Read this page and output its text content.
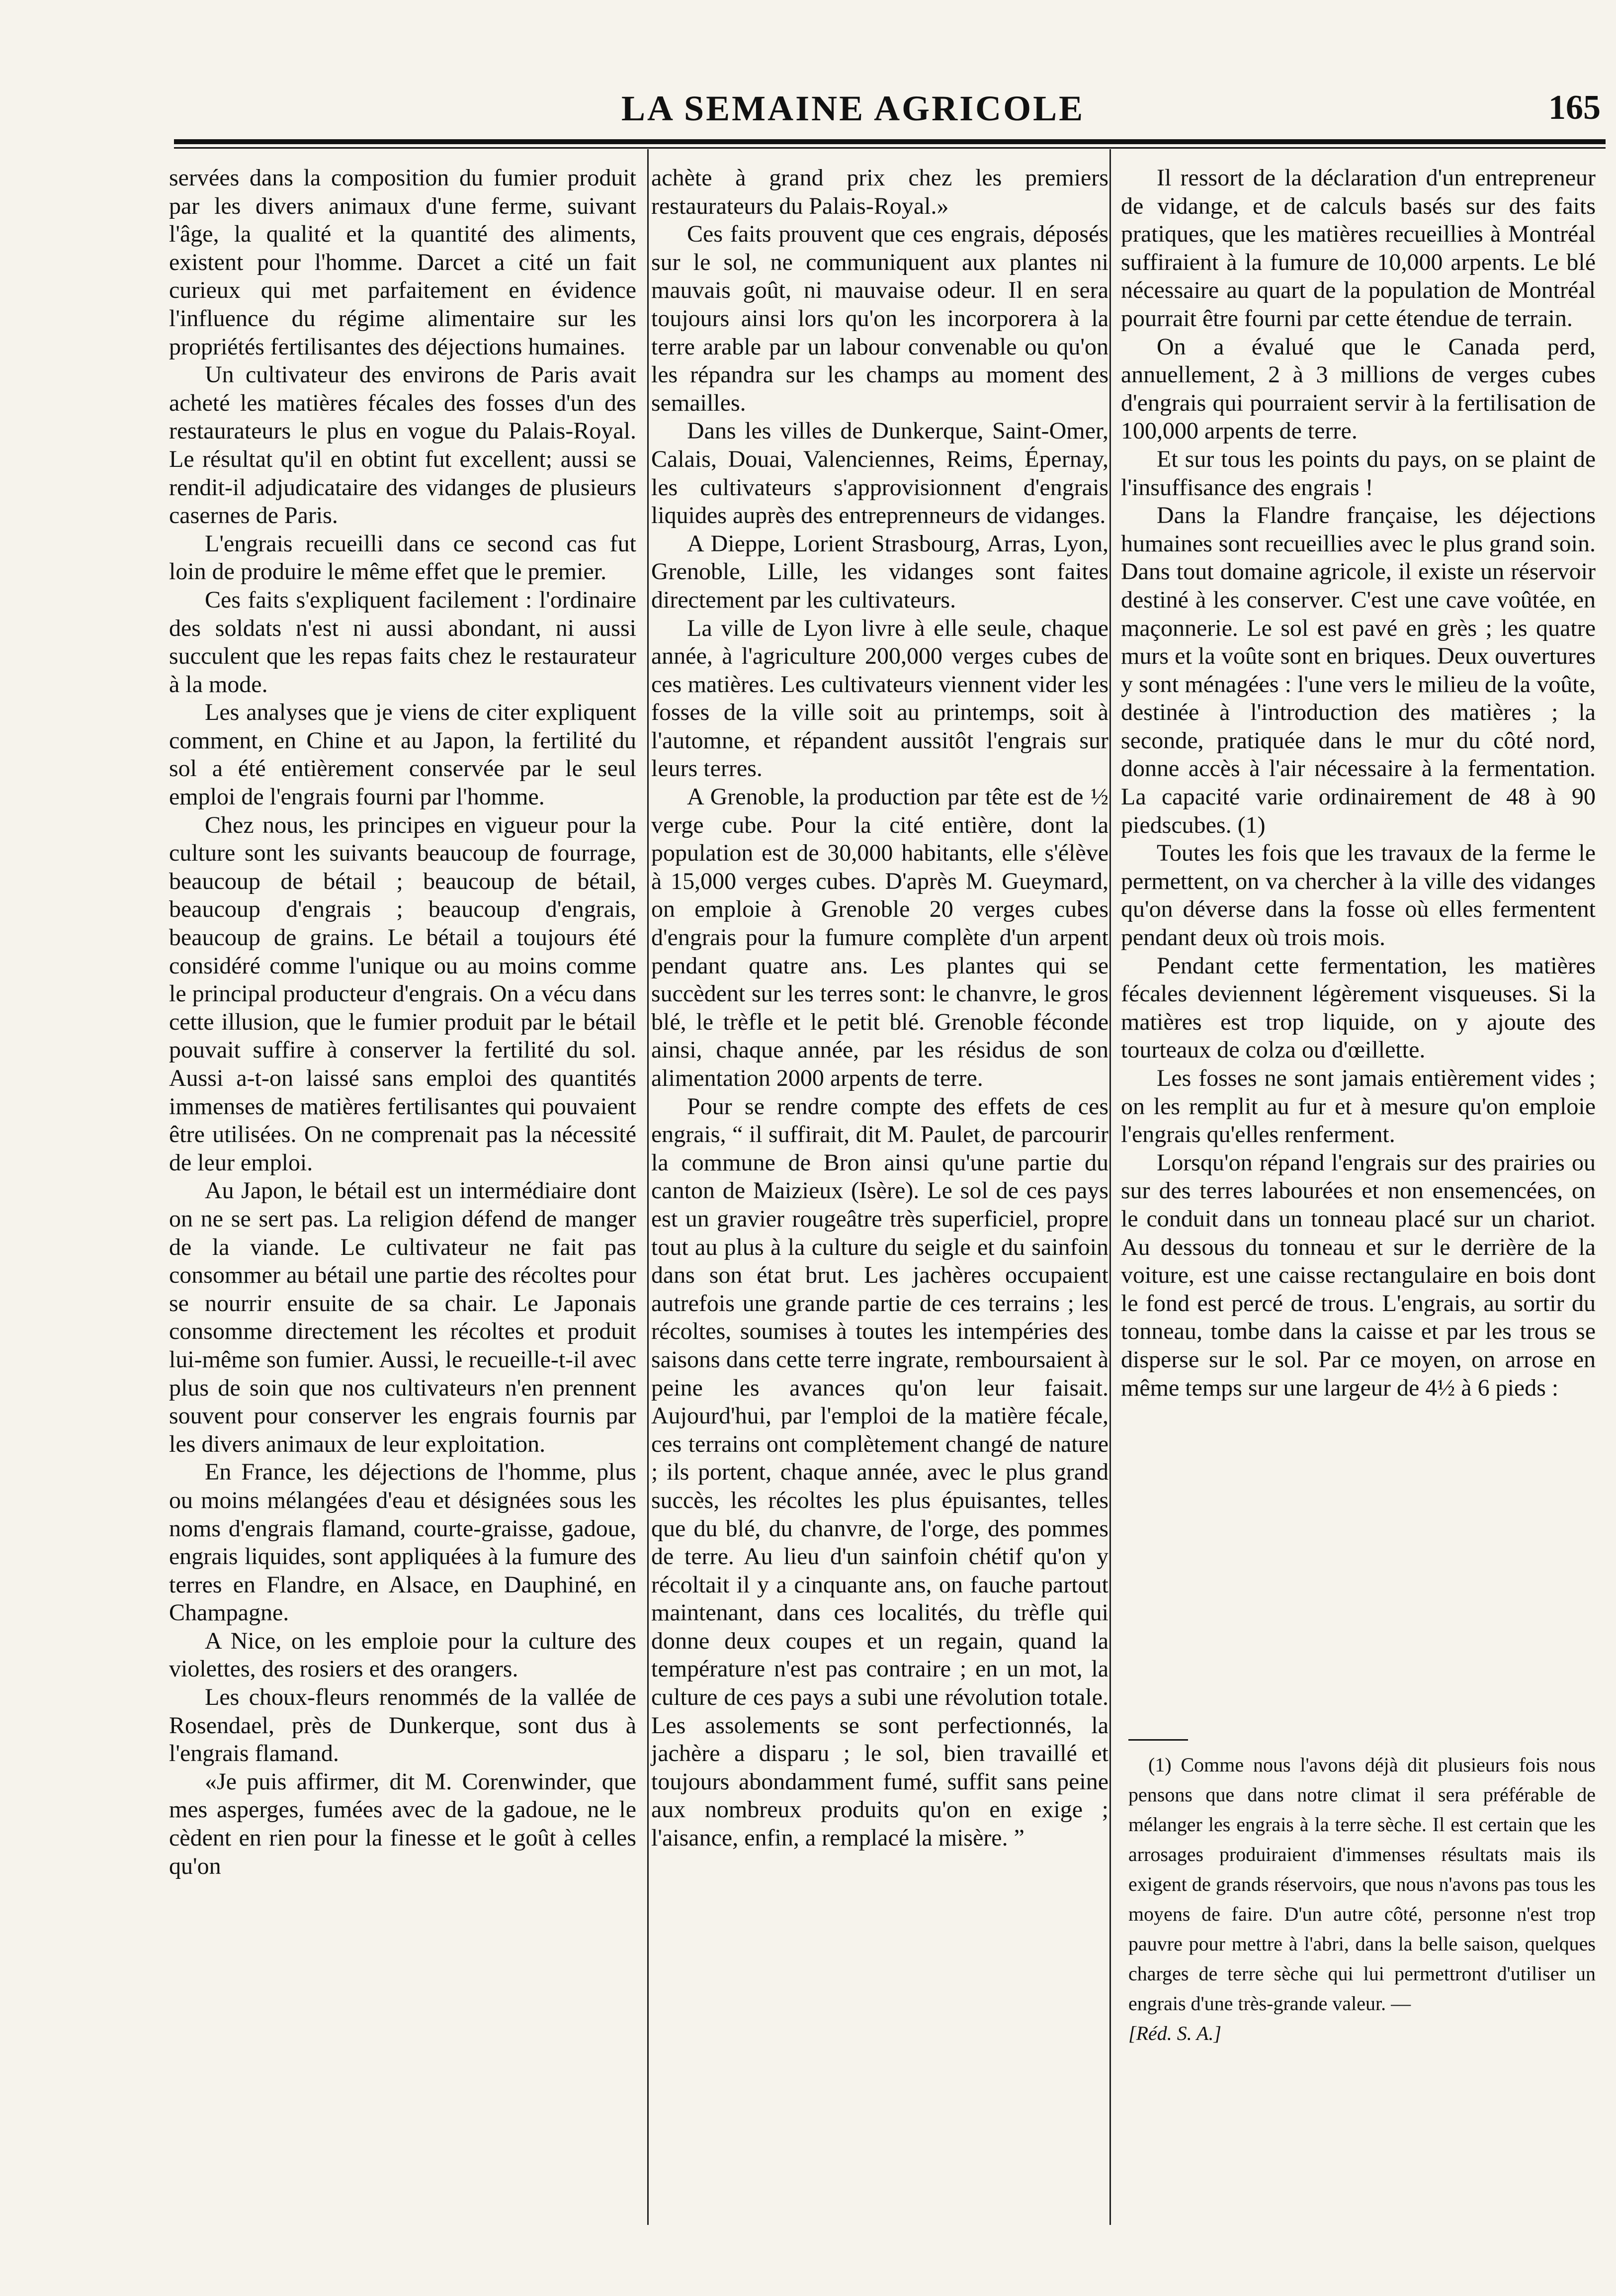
LA SEMAINE AGRICOLE	165

servées dans la composition du fumier produit par les divers animaux d'une ferme, suivant l'âge, la qualité et la quantité des aliments, existent pour l'homme. Darcet a cité un fait curieux qui met parfaitement en évidence l'influence du régime alimentaire sur les propriétés fertilisantes des déjections humaines.

Un cultivateur des environs de Paris avait acheté les matières fécales des fosses d'un des restaurateurs le plus en vogue du Palais-Royal. Le résultat qu'il en obtint fut excellent; aussi se rendit-il adjudicataire des vidanges de plusieurs casernes de Paris.

L'engrais recueilli dans ce second cas fut loin de produire le même effet que le premier.

Ces faits s'expliquent facilement : l'ordinaire des soldats n'est ni aussi abondant, ni aussi succulent que les repas faits chez le restaurateur à la mode.

Les analyses que je viens de citer expliquent comment, en Chine et au Japon, la fertilité du sol a été entièrement conservée par le seul emploi de l'engrais fourni par l'homme.

Chez nous, les principes en vigueur pour la culture sont les suivants beaucoup de fourrage, beaucoup de bétail ; beaucoup de bétail, beaucoup d'engrais ; beaucoup d'engrais, beaucoup de grains. Le bétail a toujours été considéré comme l'unique ou au moins comme le principal producteur d'engrais. On a vécu dans cette illusion, que le fumier produit par le bétail pouvait suffire à conserver la fertilité du sol. Aussi a-t-on laissé sans emploi des quantités immenses de matières fertilisantes qui pouvaient être utilisées. On ne comprenait pas la nécessité de leur emploi.

Au Japon, le bétail est un intermédiaire dont on ne se sert pas. La religion défend de manger de la viande. Le cultivateur ne fait pas consommer au bétail une partie des récoltes pour se nourrir ensuite de sa chair. Le Japonais consomme directement les récoltes et produit lui-même son fumier. Aussi, le recueille-t-il avec plus de soin que nos cultivateurs n'en prennent souvent pour conserver les engrais fournis par les divers animaux de leur exploitation.

En France, les déjections de l'homme, plus ou moins mélangées d'eau et désignées sous les noms d'engrais flamand, courte-graisse, gadoue, engrais liquides, sont appliquées à la fumure des terres en Flandre, en Alsace, en Dauphiné, en Champagne.

A Nice, on les emploie pour la culture des violettes, des rosiers et des orangers.

Les choux-fleurs renommés de la vallée de Rosendael, près de Dunkerque, sont dus à l'engrais flamand.

«Je puis affirmer, dit M. Corenwinder, que mes asperges, fumées avec de la gadoue, ne le cèdent en rien pour la finesse et le goût à celles qu'on

achète à grand prix chez les premiers restaurateurs du Palais-Royal.»

Ces faits prouvent que ces engrais, déposés sur le sol, ne communiquent aux plantes ni mauvais goût, ni mauvaise odeur. Il en sera toujours ainsi lors qu'on les incorporera à la terre arable par un labour convenable ou qu'on les répandra sur les champs au moment des semailles.

Dans les villes de Dunkerque, Saint-Omer, Calais, Douai, Valenciennes, Reims, Épernay, les cultivateurs s'approvisionnent d'engrais liquides auprès des entreprenneurs de vidanges.

A Dieppe, Lorient Strasbourg, Arras, Lyon, Grenoble, Lille, les vidanges sont faites directement par les cultivateurs.

La ville de Lyon livre à elle seule, chaque année, à l'agriculture 200,000 verges cubes de ces matières. Les cultivateurs viennent vider les fosses de la ville soit au printemps, soit à l'automne, et répandent aussitôt l'engrais sur leurs terres.

A Grenoble, la production par tête est de ½ verge cube. Pour la cité entière, dont la population est de 30,000 habitants, elle s'élève à 15,000 verges cubes. D'après M. Gueymard, on emploie à Grenoble 20 verges cubes d'engrais pour la fumure complète d'un arpent pendant quatre ans. Les plantes qui se succèdent sur les terres sont: le chanvre, le gros blé, le trèfle et le petit blé. Grenoble féconde ainsi, chaque année, par les résidus de son alimentation 2000 arpents de terre.

Pour se rendre compte des effets de ces engrais, “ il suffirait, dit M. Paulet, de parcourir la commune de Bron ainsi qu'une partie du canton de Maizieux (Isère). Le sol de ces pays est un gravier rougeâtre très superficiel, propre tout au plus à la culture du seigle et du sainfoin dans son état brut. Les jachères occupaient autrefois une grande partie de ces terrains ; les récoltes, soumises à toutes les intempéries des saisons dans cette terre ingrate, remboursaient à peine les avances qu'on leur faisait. Aujourd'hui, par l'emploi de la matière fécale, ces terrains ont complètement changé de nature ; ils portent, chaque année, avec le plus grand succès, les récoltes les plus épuisantes, telles que du blé, du chanvre, de l'orge, des pommes de terre. Au lieu d'un sainfoin chétif qu'on y récoltait il y a cinquante ans, on fauche partout maintenant, dans ces localités, du trèfle qui donne deux coupes et un regain, quand la température n'est pas contraire ; en un mot, la culture de ces pays a subi une révolution totale. Les assolements se sont perfectionnés, la jachère a disparu ; le sol, bien travaillé et toujours abondamment fumé, suffit sans peine aux nombreux produits qu'on en exige ; l'aisance, enfin, a remplacé la misère. ”

Il ressort de la déclaration d'un entrepreneur de vidange, et de calculs basés sur des faits pratiques, que les matières recueillies à Montréal suffiraient à la fumure de 10,000 arpents. Le blé nécessaire au quart de la population de Montréal pourrait être fourni par cette étendue de terrain.

On a évalué que le Canada perd, annuellement, 2 à 3 millions de verges cubes d'engrais qui pourraient servir à la fertilisation de 100,000 arpents de terre.

Et sur tous les points du pays, on se plaint de l'insuffisance des engrais !

Dans la Flandre française, les déjections humaines sont recueillies avec le plus grand soin. Dans tout domaine agricole, il existe un réservoir destiné à les conserver. C'est une cave voûtée, en maçonnerie. Le sol est pavé en grès ; les quatre murs et la voûte sont en briques. Deux ouvertures y sont ménagées : l'une vers le milieu de la voûte, destinée à l'introduction des matières ; la seconde, pratiquée dans le mur du côté nord, donne accès à l'air nécessaire à la fermentation. La capacité varie ordinairement de 48 à 90 piedscubes. (1)

Toutes les fois que les travaux de la ferme le permettent, on va chercher à la ville des vidanges qu'on déverse dans la fosse où elles fermentent pendant deux où trois mois.

Pendant cette fermentation, les matières fécales deviennent légèrement visqueuses. Si la matières est trop liquide, on y ajoute des tourteaux de colza ou d'œillette.

Les fosses ne sont jamais entièrement vides ; on les remplit au fur et à mesure qu'on emploie l'engrais qu'elles renferment.

Lorsqu'on répand l'engrais sur des prairies ou sur des terres labourées et non ensemencées, on le conduit dans un tonneau placé sur un chariot. Au dessous du tonneau et sur le derrière de la voiture, est une caisse rectangulaire en bois dont le fond est percé de trous. L'engrais, au sortir du tonneau, tombe dans la caisse et par les trous se disperse sur le sol. Par ce moyen, on arrose en même temps sur une largeur de 4½ à 6 pieds :

(1) Comme nous l'avons déjà dit plusieurs fois nous pensons que dans notre climat il sera préférable de mélanger les engrais à la terre sèche. Il est certain que les arrosages produiraient d'immenses résultats mais ils exigent de grands réservoirs, que nous n'avons pas tous les moyens de faire. D'un autre côté, personne n'est trop pauvre pour mettre à l'abri, dans la belle saison, quelques charges de terre sèche qui lui permettront d'utiliser un engrais d'une très-grande valeur. —

[Réd. S. A.]
